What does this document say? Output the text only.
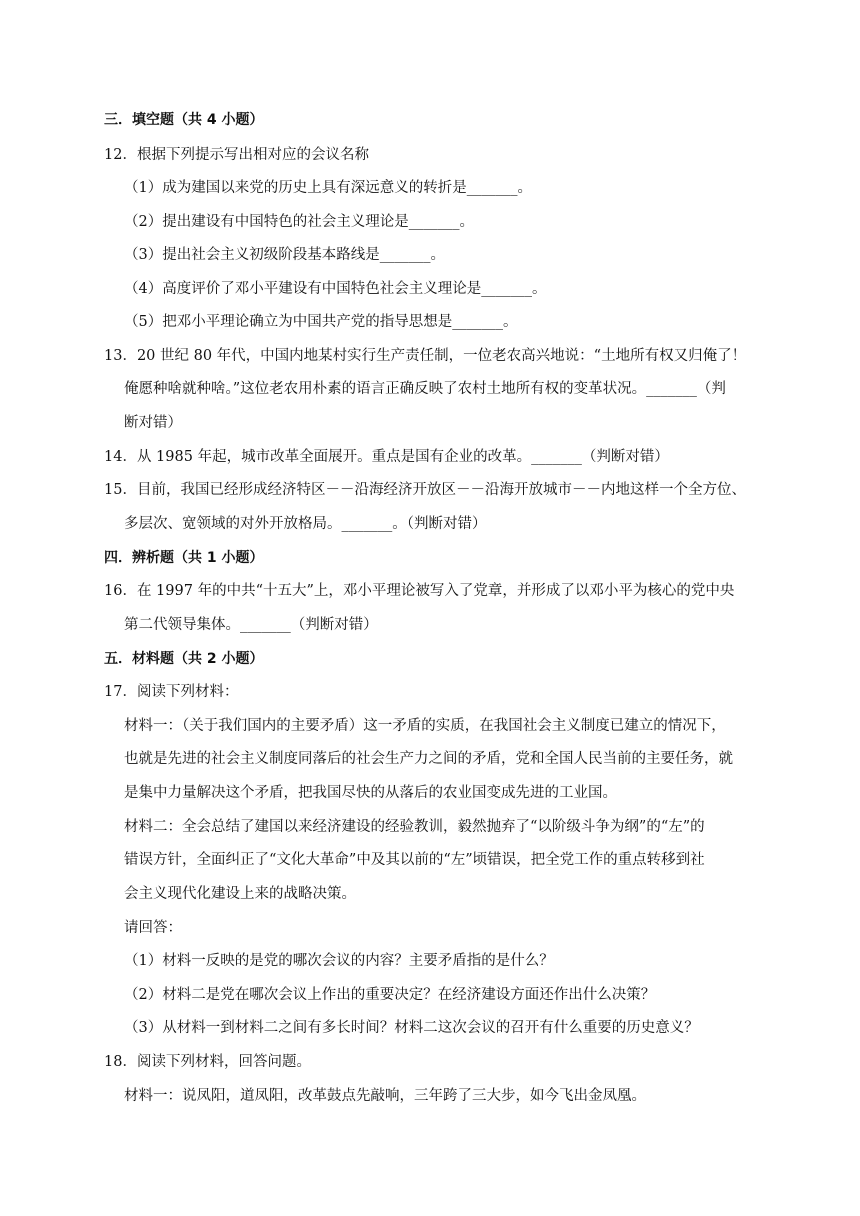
三．填空题（共 4 小题）
12．根据下列提示写出相对应的会议名称
（1）成为建国以来党的历史上具有深远意义的转折是_______。
（2）提出建设有中国特色的社会主义理论是_______。
（3）提出社会主义初级阶段基本路线是_______。
（4）高度评价了邓小平建设有中国特色社会主义理论是_______。
（5）把邓小平理论确立为中国共产党的指导思想是_______。
13．20 世纪 80 年代，中国内地某村实行生产责任制，一位老农高兴地说：“土地所有权又归俺了！
俺愿种啥就种啥。”这位老农用朴素的语言正确反映了农村土地所有权的变革状况。_______（判
断对错）
14．从 1985 年起，城市改革全面展开。重点是国有企业的改革。_______（判断对错）
15．目前，我国已经形成经济特区－－沿海经济开放区－－沿海开放城市－－内地这样一个全方位、
多层次、宽领域的对外开放格局。_______。（判断对错）
四．辨析题（共 1 小题）
16．在 1997 年的中共“十五大”上，邓小平理论被写入了党章，并形成了以邓小平为核心的党中央
第二代领导集体。_______（判断对错）
五．材料题（共 2 小题）
17．阅读下列材料：
材料一：（关于我们国内的主要矛盾）这一矛盾的实质，在我国社会主义制度已建立的情况下，
也就是先进的社会主义制度同落后的社会生产力之间的矛盾，党和全国人民当前的主要任务，就
是集中力量解决这个矛盾，把我国尽快的从落后的农业国变成先进的工业国。
材料二：全会总结了建国以来经济建设的经验教训，毅然抛弃了“以阶级斗争为纲”的“左”的
错误方针，全面纠正了“文化大革命”中及其以前的“左”顷错误，把全党工作的重点转移到社
会主义现代化建设上来的战略决策。
请回答：
（1）材料一反映的是党的哪次会议的内容？主要矛盾指的是什么？
（2）材料二是党在哪次会议上作出的重要决定？在经济建设方面还作出什么决策？
（3）从材料一到材料二之间有多长时间？材料二这次会议的召开有什么重要的历史意义？
18．阅读下列材料，回答问题。
材料一：说凤阳，道凤阳，改革鼓点先敲响，三年跨了三大步，如今飞出金凤凰。
